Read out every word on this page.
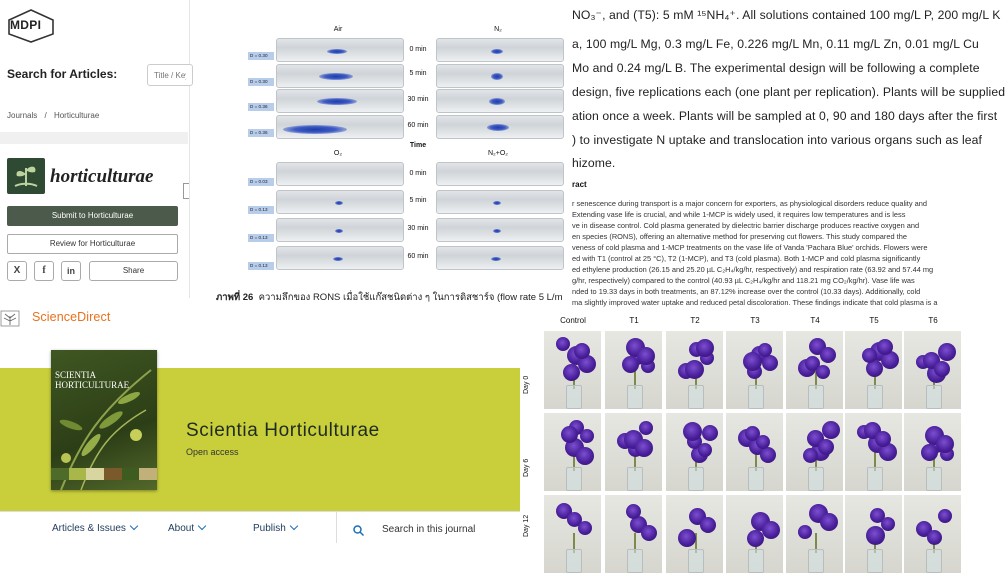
NO₃⁻, and (T5): 5 mM ¹⁵NH₄⁺. All solutions contained 100 mg/L P, 200 mg/L K
a, 100 mg/L Mg, 0.3 mg/L Fe, 0.226 mg/L Mn, 0.11 mg/L Zn, 0.01 mg/L Cu
Mo and 0.24 mg/L B. The experimental design will be following a complete
design, five replications each (one plant per replication). Plants will be supplied
ation once a week. Plants will be sampled at 0, 90 and 180 days after the first
) to investigate N uptake and translocation into various organs such as leaf
hizome.
ract
r senescence during transport is a major concern for exporters, as physiological disorders reduce quality and
Extending vase life is crucial, and while 1-MCP is widely used, it requires low temperatures and is less
ve in disease control. Cold plasma generated by dielectric barrier discharge produces reactive oxygen and
en species (RONS), offering an alternative method for preserving cut flowers. This study compared the
veness of cold plasma and 1-MCP treatments on the vase life of Vanda 'Pachara Blue' orchids. Flowers were
ed with T1 (control at 25 °C), T2 (1-MCP), and T3 (cold plasma). Both 1-MCP and cold plasma significantly
ed ethylene production (26.15 and 25.20 µL C₂H₄/kg/hr, respectively) and respiration rate (63.92 and 57.44 mg
g/hr, respectively) compared to the control (40.93 µL C₂H₄/kg/hr and 118.21 mg CO₂/kg/hr). Vase life was
nded to 19.33 days in both treatments, an 87.12% increase over the control (10.33 days). Additionally, cold
ma slightly improved water uptake and reduced petal discoloration. These findings indicate that cold plasma is a
Air	N₂
O₂	N₂+O₂
Time
0 min
5 min
30 min
60 min
D = 0.30
D = 0.30
D = 0.36
D = 0.36
0 min
5 min
30 min
60 min
D = 0.03
D = 0.13
D = 0.13
D = 0.13
ภาพที่ 26 ความลึกของ RONS เมื่อใช้แก๊สชนิดต่าง ๆ ในการดิสชาร์จ (flow rate 5 L/m
MDPI
Search for Articles:
Title / Keyword
Journals / Horticulturae
horticulturae
Submit to Horticulturae
Review for Horticulturae
X	f	in	Share
ScienceDirect
SCIENTIA HORTICULTURAE
Scientia Horticulturae
Open access
Articles & Issues	About	Publish	Search in this journal
Control	T1	T2	T3	T4	T5	T6
Day 0
Day 6
Day 12
